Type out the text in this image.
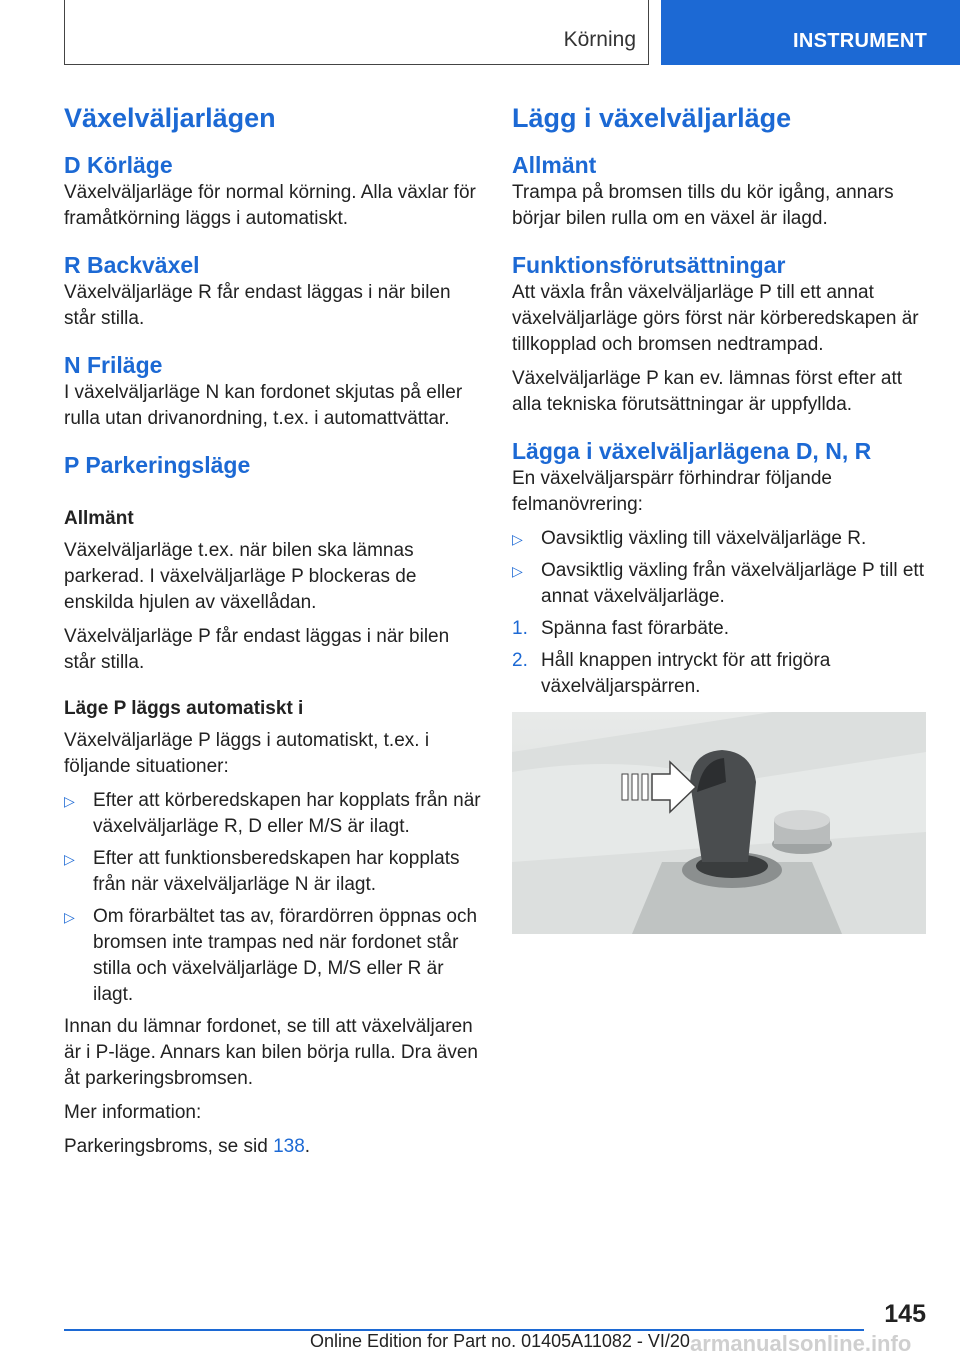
Körning	INSTRUMENT
Växelväljarlägen
D Körläge

Växelväljarläge för normal körning. Alla växlar för framåtkörning läggs i automatiskt.

R Backväxel

Växelväljarläge R får endast läggas i när bilen står stilla.

N Friläge

I växelväljarläge N kan fordonet skjutas på eller rulla utan drivanordning, t.ex. i automattvättar.

P Parkeringsläge
Allmänt

Växelväljarläge t.ex. när bilen ska lämnas parkerad. I växelväljarläge P blockeras de enskilda hjulen av växellådan.

Växelväljarläge P får endast läggas i när bilen står stilla.

Läge P läggs automatiskt i

Växelväljarläge P läggs i automatiskt, t.ex. i följande situationer:

▷ Efter att körberedskapen har kopplats från när växelväljarläge R, D eller M/S är ilagt.
▷ Efter att funktionsberedskapen har kopplats från när växelväljarläge N är ilagt.
▷ Om förarbältet tas av, förardörren öppnas och bromsen inte trampas ned när fordonet står stilla och växelväljarläge D, M/S eller R är ilagt.

Innan du lämnar fordonet, se till att växelväljaren är i P-läge. Annars kan bilen börja rulla. Dra även åt parkeringsbromsen.

Mer information:

Parkeringsbroms, se sid 138.

Lägg i växelväljarläge
Allmänt

Trampa på bromsen tills du kör igång, annars börjar bilen rulla om en växel är ilagd.

Funktionsförutsättningar

Att växla från växelväljarläge P till ett annat växelväljarläge görs först när körberedskapen är tillkopplad och bromsen nedtrampad.

Växelväljarläge P kan ev. lämnas först efter att alla tekniska förutsättningar är uppfyllda.

Lägga i växelväljarlägena D, N, R

En växelväljarspärr förhindrar följande felmanövrering:

▷ Oavsiktlig växling till växelväljarläge R.
▷ Oavsiktlig växling från växelväljarläge P till ett annat växelväljarläge.
1. Spänna fast förarbäte.
2. Håll knappen intryckt för att frigöra växelväljarspärren.
145
Online Edition for Part no. 01405A11082 - VI/20 armanualsonline.info
